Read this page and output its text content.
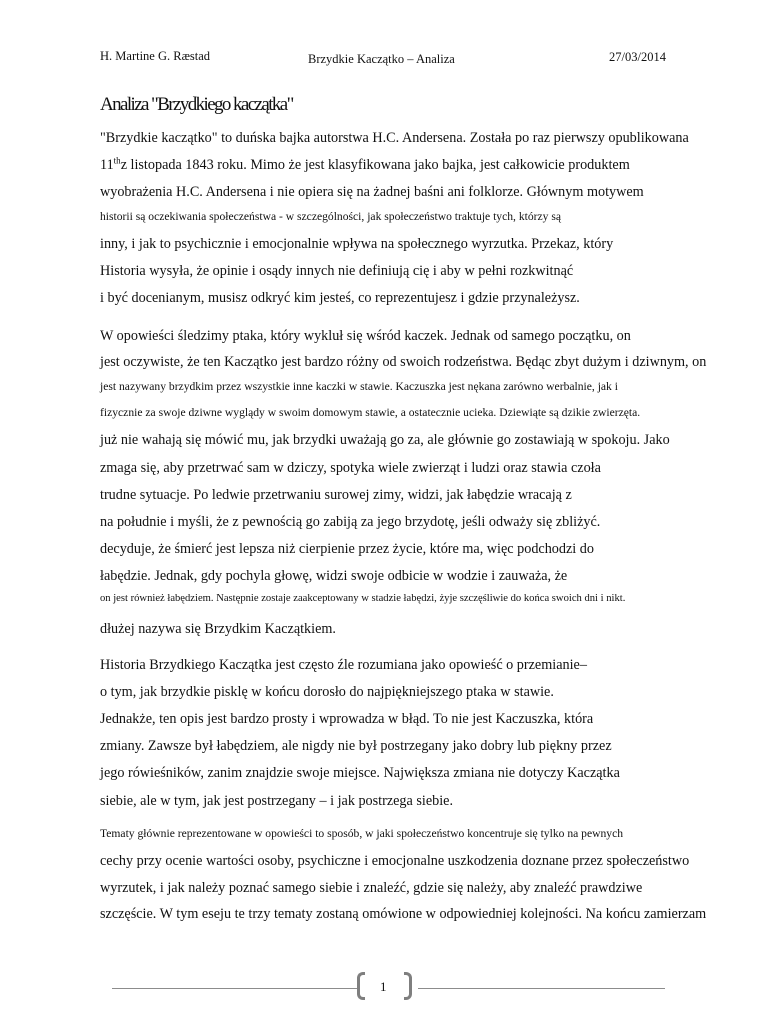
H. Martine G. Ræstad	Brzydkie Kaczątko – Analiza	27/03/2014
Analiza "Brzydkiego kaczątka"
"Brzydkie kaczątko" to duńska bajka autorstwa H.C. Andersena. Została po raz pierwszy opublikowana
11thz listopada 1843 roku. Mimo że jest klasyfikowana jako bajka, jest całkowicie produktem
wyobrażenia H.C. Andersena i nie opiera się na żadnej baśni ani folklorze. Głównym motywem
historii są oczekiwania społeczeństwa - w szczególności, jak społeczeństwo traktuje tych, którzy są
inny, i jak to psychicznie i emocjonalnie wpływa na społecznego wyrzutka. Przekaz, który
Historia wysyła, że opinie i osądy innych nie definiują cię i aby w pełni rozkwitnąć
i być docenianym, musisz odkryć kim jesteś, co reprezentujesz i gdzie przynależysz.
W opowieści śledzimy ptaka, który wykluł się wśród kaczek. Jednak od samego początku, on
jest oczywiste, że ten Kaczątko jest bardzo różny od swoich rodzeństwa. Będąc zbyt dużym i dziwnym, on
jest nazywany brzydkim przez wszystkie inne kaczki w stawie. Kaczuszka jest nękana zarówno werbalnie, jak i
fizycznie za swoje dziwne wyglądy w swoim domowym stawie, a ostatecznie ucieka. Dziewiąte są dzikie zwierzęta.
już nie wahają się mówić mu, jak brzydki uważają go za, ale głównie go zostawiają w spokoju. Jako
zmaga się, aby przetrwać sam w dziczy, spotyka wiele zwierząt i ludzi oraz stawia czoła
trudne sytuacje. Po ledwie przetrwaniu surowej zimy, widzi, jak łabędzie wracają z
na południe i myśli, że z pewnością go zabiją za jego brzydotę, jeśli odważy się zbliżyć.
decyduje, że śmierć jest lepsza niż cierpienie przez życie, które ma, więc podchodzi do
łabędzie. Jednak, gdy pochyla głowę, widzi swoje odbicie w wodzie i zauważa, że
on jest również łabędziem. Następnie zostaje zaakceptowany w stadzie łabędzi, żyje szczęśliwie do końca swoich dni i nikt.
dłużej nazywa się Brzydkim Kaczątkiem.
Historia Brzydkiego Kaczątka jest często źle rozumiana jako opowieść o przemianie–
o tym, jak brzydkie pisklę w końcu dorosło do najpiękniejszego ptaka w stawie.
Jednakże, ten opis jest bardzo prosty i wprowadza w błąd. To nie jest Kaczuszka, która
zmiany. Zawsze był łabędziem, ale nigdy nie był postrzegany jako dobry lub piękny przez
jego rówieśników, zanim znajdzie swoje miejsce. Największa zmiana nie dotyczy Kaczątka
siebie, ale w tym, jak jest postrzegany – i jak postrzega siebie.
Tematy głównie reprezentowane w opowieści to sposób, w jaki społeczeństwo koncentruje się tylko na pewnych
cechy przy ocenie wartości osoby, psychiczne i emocjonalne uszkodzenia doznane przez społeczeństwo
wyrzutek, i jak należy poznać samego siebie i znaleźć, gdzie się należy, aby znaleźć prawdziwe
szczęście. W tym eseju te trzy tematy zostaną omówione w odpowiedniej kolejności. Na końcu zamierzam
1
